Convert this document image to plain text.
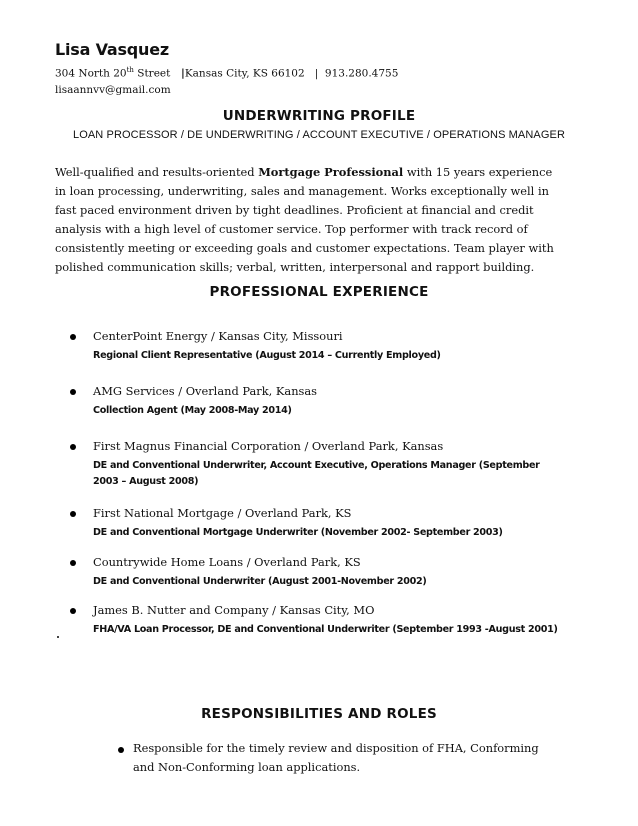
Lisa Vasquez
304 North 20th Street   |Kansas City, KS 66102   |  913.280.4755
lisaannvv@gmail.com
UNDERWRITING PROFILE
LOAN PROCESSOR / DE UNDERWRITING / ACCOUNT EXECUTIVE / OPERATIONS MANAGER

Well-qualified and results-oriented Mortgage Professional with 15 years experience in loan processing, underwriting, sales and management. Works exceptionally well in fast paced environment driven by tight deadlines. Proficient at financial and credit analysis with a high level of customer service. Top performer with track record of consistently meeting or exceeding goals and customer expectations. Team player with polished communication skills; verbal, written, interpersonal and rapport building.

PROFESSIONAL EXPERIENCE
CenterPoint Energy / Kansas City, Missouri
Regional Client Representative (August 2014 – Currently Employed)
AMG Services / Overland Park, Kansas
Collection Agent (May 2008-May 2014)
First Magnus Financial Corporation / Overland Park, Kansas
DE and Conventional Underwriter, Account Executive, Operations Manager (September 2003 – August 2008)
First National Mortgage / Overland Park, KS
DE and Conventional Mortgage Underwriter (November 2002- September 2003)
Countrywide Home Loans / Overland Park, KS
DE and Conventional Underwriter (August 2001-November 2002)
James B. Nutter and Company / Kansas City, MO
FHA/VA Loan Processor, DE and Conventional Underwriter (September 1993 -August 2001)
RESPONSIBILITIES AND ROLES
Responsible for the timely review and disposition of FHA, Conforming and Non-Conforming loan applications.
